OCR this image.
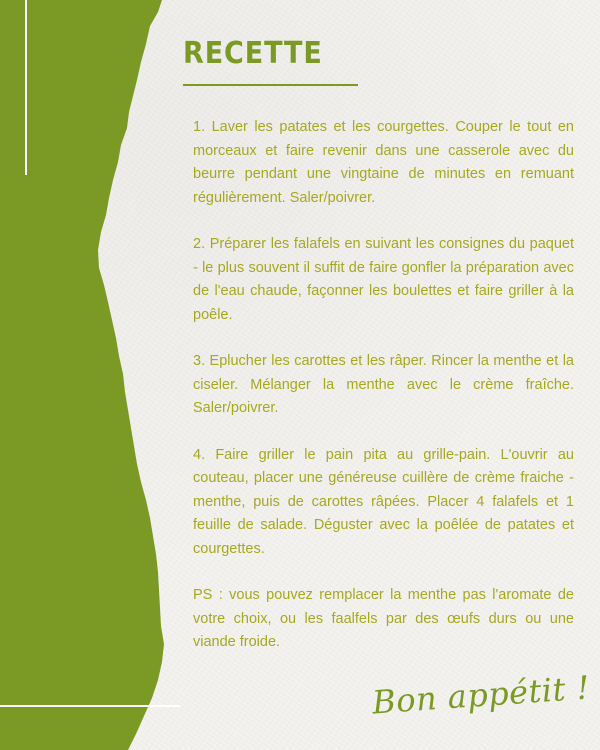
RECETTE

1. Laver les patates et les courgettes. Couper le tout en morceaux et faire revenir dans une casserole avec du beurre pendant une vingtaine de minutes en remuant régulièrement. Saler/poivrer.

2. Préparer les falafels en suivant les consignes du paquet - le plus souvent il suffit de faire gonfler la préparation avec de l'eau chaude, façonner les boulettes et faire griller à la poêle.

3. Eplucher les carottes et les râper. Rincer la menthe et la ciseler. Mélanger la menthe avec le crème fraîche. Saler/poivrer.

4. Faire griller le pain pita au grille-pain. L'ouvrir au couteau, placer une généreuse cuillère de crème fraiche - menthe, puis de carottes râpées. Placer 4 falafels et 1 feuille de salade. Déguster avec la poêlée de patates et courgettes.

PS : vous pouvez remplacer la menthe pas l'aromate de votre choix, ou les faalfels par des œufs durs ou une viande froide.

Bon appétit !
